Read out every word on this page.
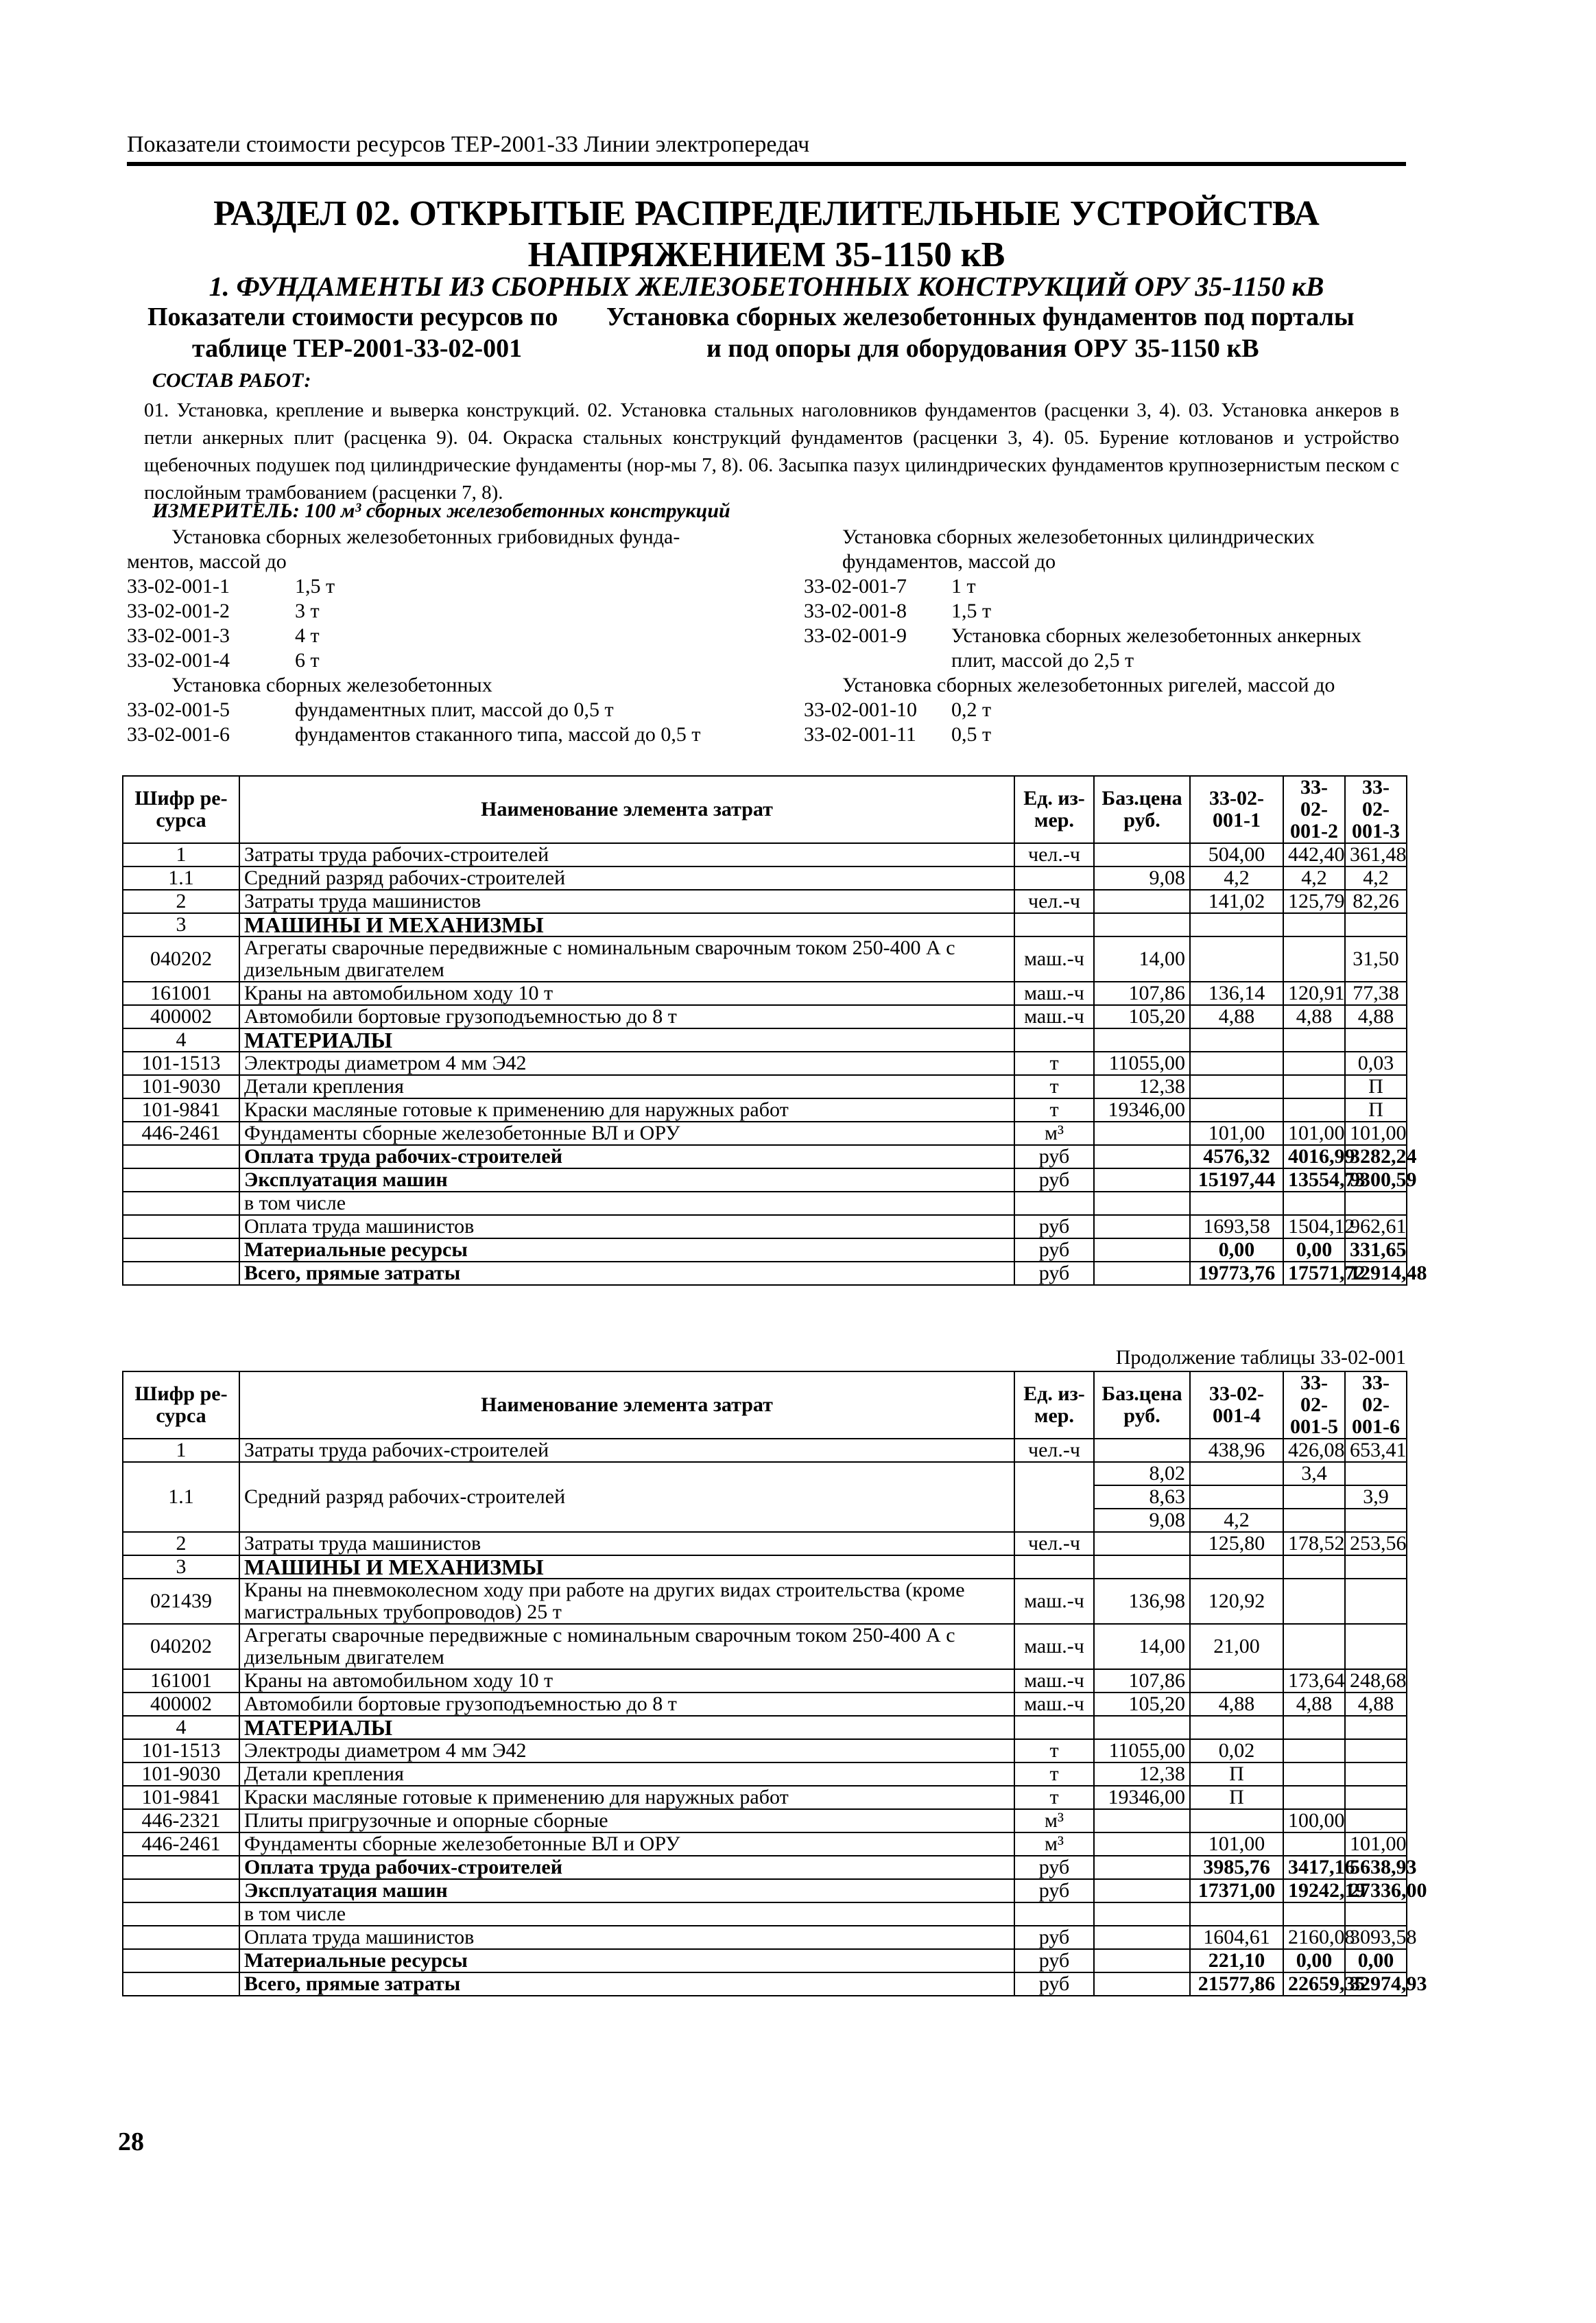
Показатели стоимости ресурсов ТЕР-2001-33 Линии электропередач
РАЗДЕЛ 02. ОТКРЫТЫЕ РАСПРЕДЕЛИТЕЛЬНЫЕ УСТРОЙСТВА
НАПРЯЖЕНИЕМ 35-1150 кВ
1. ФУНДАМЕНТЫ ИЗ СБОРНЫХ ЖЕЛЕЗОБЕТОННЫХ КОНСТРУКЦИЙ ОРУ 35-1150 кВ
Показатели стоимости ресурсов по
таблице ТЕР-2001-33-02-001
Установка сборных железобетонных фундаментов под порталы
и под опоры для оборудования ОРУ 35-1150 кВ
СОСТАВ РАБОТ:
01. Установка, крепление и выверка конструкций. 02. Установка стальных наголовников фундаментов (расценки 3, 4). 03. Установка анкеров в петли анкерных плит (расценка 9). 04. Окраска стальных конструкций фундаментов (расценки 3, 4). 05. Бурение котлованов и устройство щебеночных подушек под цилиндрические фундаменты (нор-мы 7, 8). 06. Засыпка пазух цилиндрических фундаментов крупнозернистым песком с послойным трамбованием (расценки 7, 8).
ИЗМЕРИТЕЛЬ: 100 м³ сборных железобетонных конструкций
Установка сборных железобетонных грибовидных фунда-
ментов, массой до
33-02-001-1	1,5 т
33-02-001-2	3 т
33-02-001-3	4 т
33-02-001-4	6 т
Установка сборных железобетонных
33-02-001-5	фундаментных плит, массой до 0,5 т
33-02-001-6	фундаментов стаканного типа, массой до 0,5 т
Установка сборных железобетонных цилиндрических
фундаментов, массой до
33-02-001-7 1 т
33-02-001-8 1,5 т
33-02-001-9 Установка сборных железобетонных анкерных
плит, массой до 2,5 т
Установка сборных железобетонных ригелей, массой до
33-02-001-10 0,2 т
33-02-001-11 0,5 т
Шифр ре-сурса	Наименование элемента затрат	Ед. из-мер.	Баз.цена руб.	33-02-001-1	33-02-001-2	33-02-001-3
1	Затраты труда рабочих-строителей	чел.-ч		504,00	442,40	361,48
1.1	Средний разряд рабочих-строителей		9,08	4,2	4,2	4,2
2	Затраты труда машинистов	чел.-ч		141,02	125,79	82,26
3	МАШИНЫ И МЕХАНИЗМЫ					
040202	Агрегаты сварочные передвижные с номинальным сварочным током 250-400 А с дизельным двигателем	маш.-ч	14,00			31,50
161001	Краны на автомобильном ходу 10 т	маш.-ч	107,86	136,14	120,91	77,38
400002	Автомобили бортовые грузоподъемностью до 8 т	маш.-ч	105,20	4,88	4,88	4,88
4	МАТЕРИАЛЫ					
101-1513	Электроды диаметром 4 мм Э42	т	11055,00			0,03
101-9030	Детали крепления	т	12,38			П
101-9841	Краски масляные готовые к применению для наружных работ	т	19346,00			П
446-2461	Фундаменты сборные железобетонные ВЛ и ОРУ	м³		101,00	101,00	101,00
	Оплата труда рабочих-строителей	руб		4576,32	4016,99	3282,24
	Эксплуатация машин	руб		15197,44	13554,73	9300,59
	в том числе					
	Оплата труда машинистов	руб		1693,58	1504,12	962,61
	Материальные ресурсы	руб		0,00	0,00	331,65
	Всего, прямые затраты	руб		19773,76	17571,72	12914,48
Продолжение таблицы 33-02-001
Шифр ре-сурса	Наименование элемента затрат	Ед. из-мер.	Баз.цена руб.	33-02-001-4	33-02-001-5	33-02-001-6
1	Затраты труда рабочих-строителей	чел.-ч		438,96	426,08	653,41
1.1	Средний разряд рабочих-строителей		8,02		3,4	
			8,63			3,9
			9,08	4,2		
2	Затраты труда машинистов	чел.-ч		125,80	178,52	253,56
3	МАШИНЫ И МЕХАНИЗМЫ					
021439	Краны на пневмоколесном ходу при работе на других видах строительства (кроме магистральных трубопроводов) 25 т	маш.-ч	136,98	120,92		
040202	Агрегаты сварочные передвижные с номинальным сварочным током 250-400 А с дизельным двигателем	маш.-ч	14,00	21,00		
161001	Краны на автомобильном ходу 10 т	маш.-ч	107,86		173,64	248,68
400002	Автомобили бортовые грузоподъемностью до 8 т	маш.-ч	105,20	4,88	4,88	4,88
4	МАТЕРИАЛЫ					
101-1513	Электроды диаметром 4 мм Э42	т	11055,00	0,02		
101-9030	Детали крепления	т	12,38	П		
101-9841	Краски масляные готовые к применению для наружных работ	т	19346,00	П		
446-2321	Плиты пригрузочные и опорные сборные	м³			100,00	
446-2461	Фундаменты сборные железобетонные ВЛ и ОРУ	м³		101,00		101,00
	Оплата труда рабочих-строителей	руб		3985,76	3417,16	5638,93
	Эксплуатация машин	руб		17371,00	19242,19	27336,00
	в том числе					
	Оплата труда машинистов	руб		1604,61	2160,08	3093,58
	Материальные ресурсы	руб		221,10	0,00	0,00
	Всего, прямые затраты	руб		21577,86	22659,35	32974,93
28
